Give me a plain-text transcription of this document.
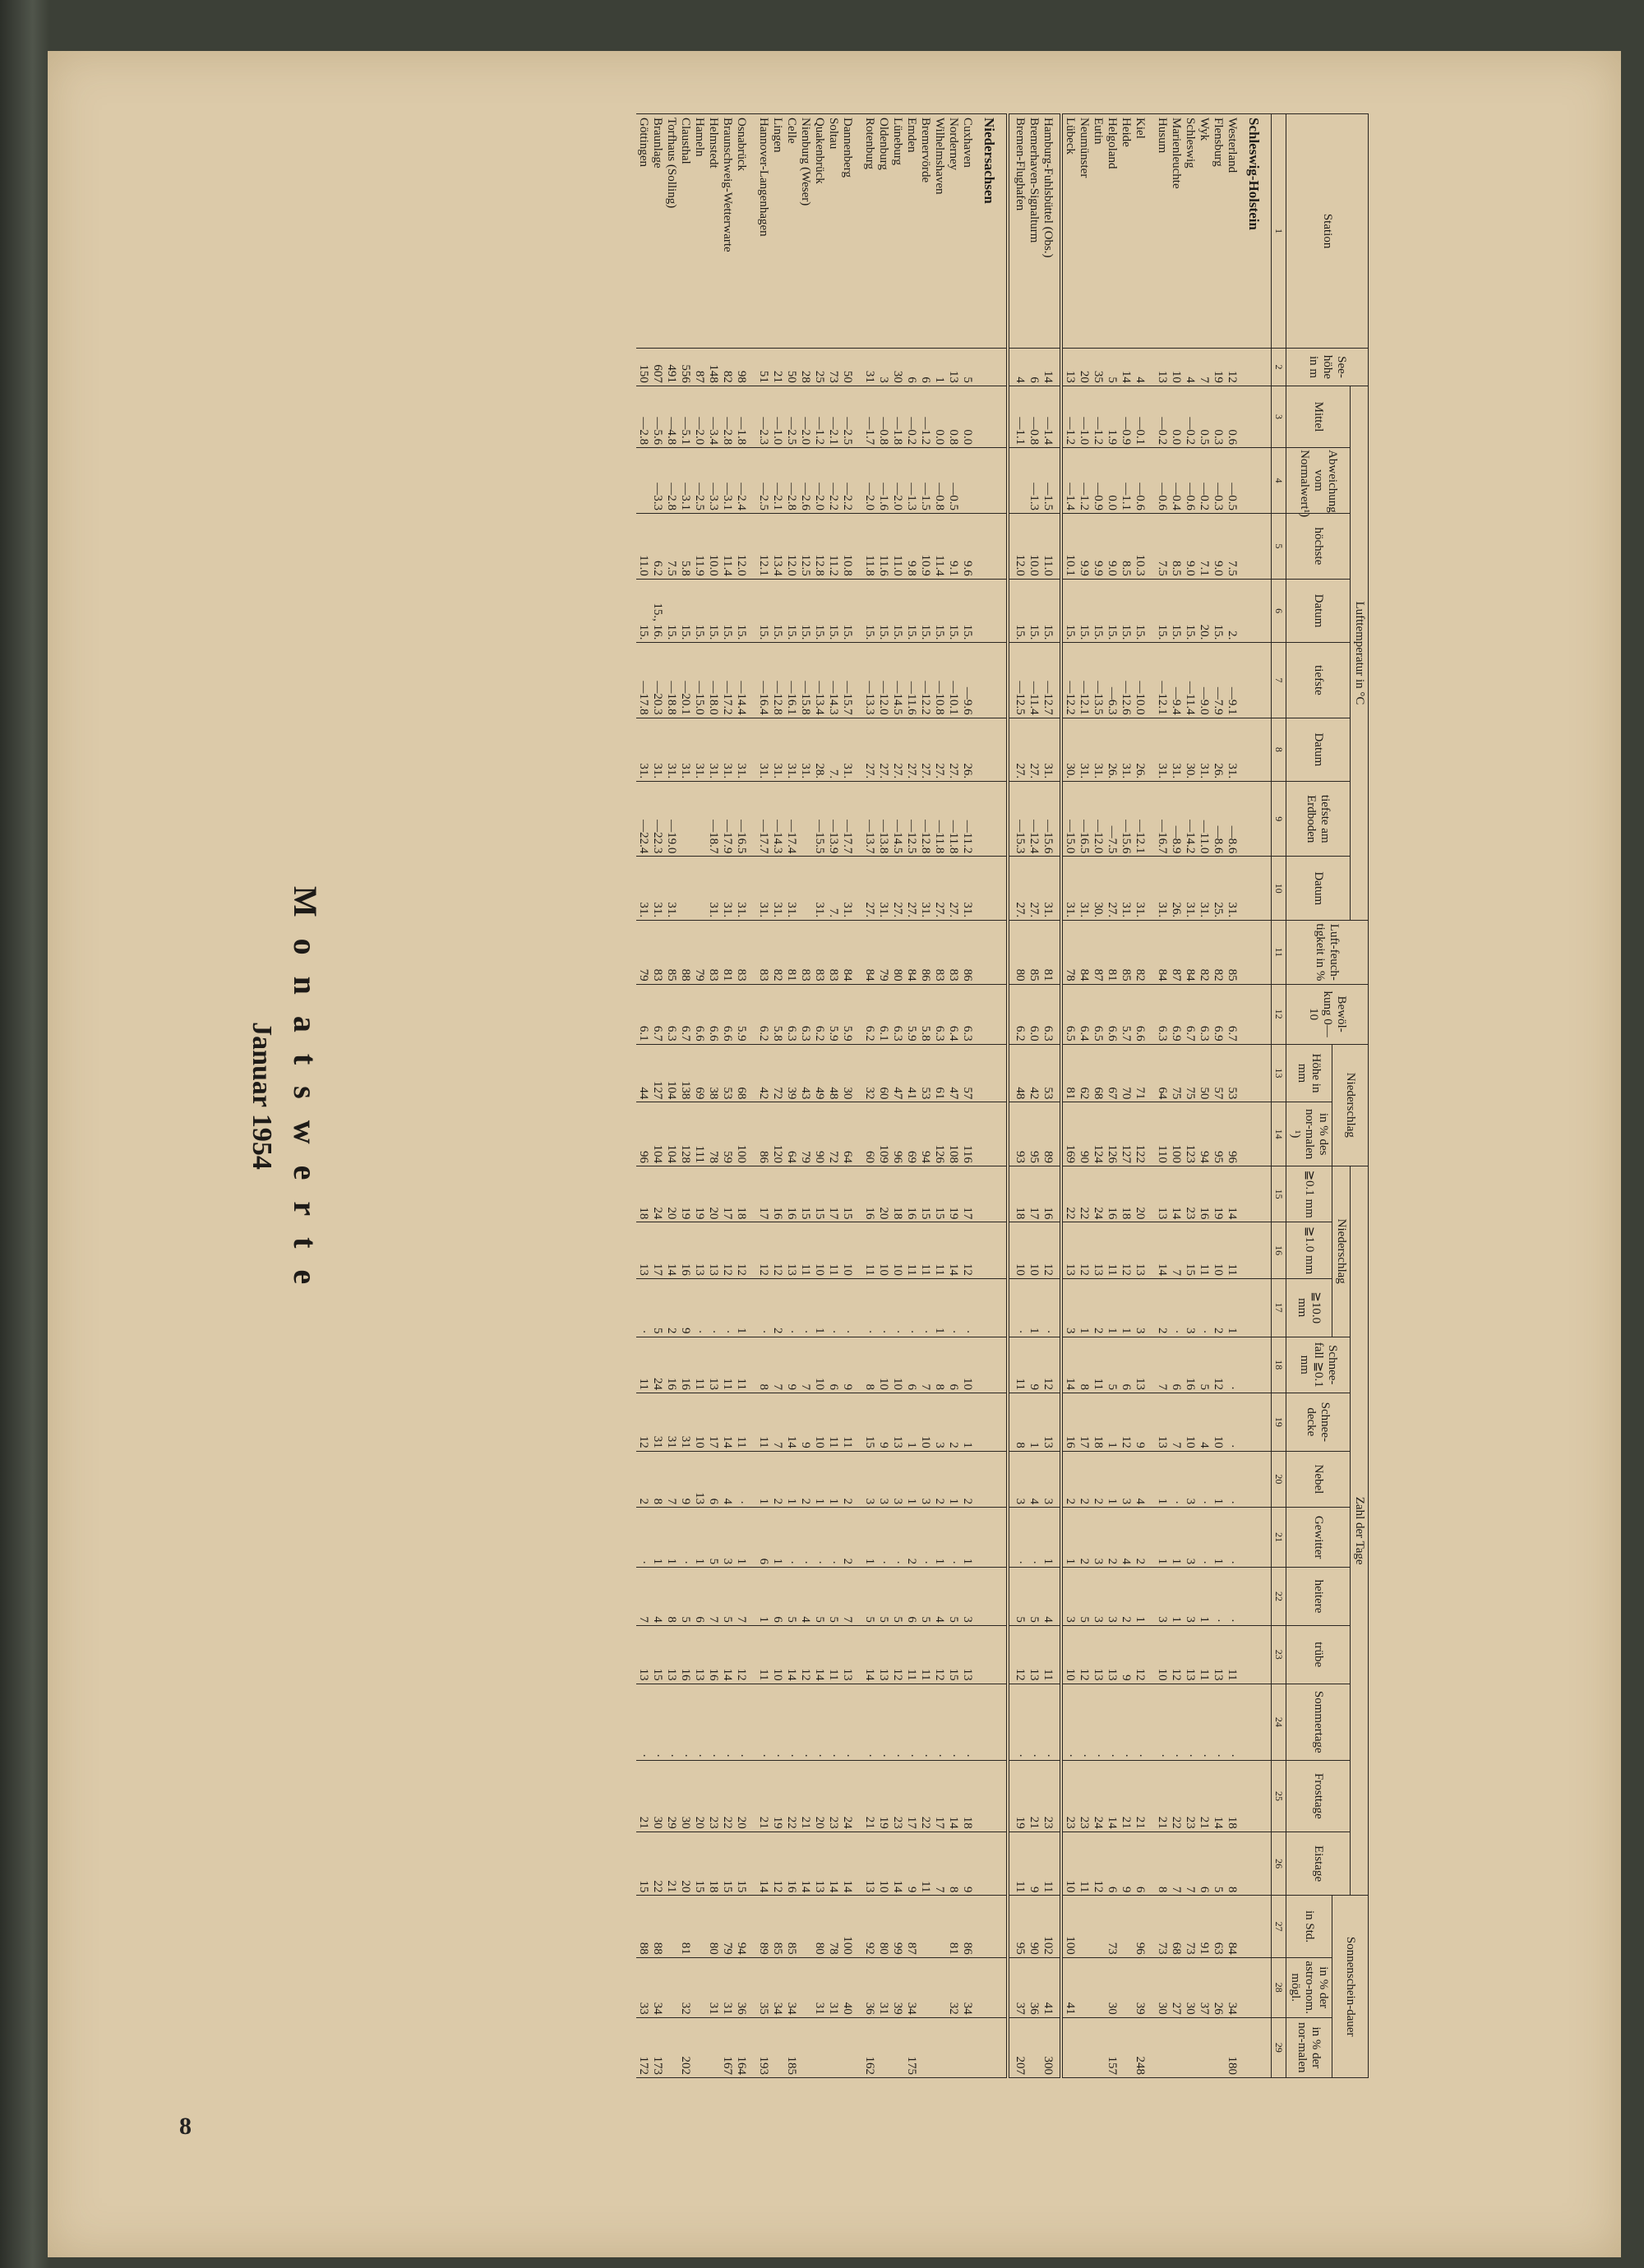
8
Station	See-höhe in m	Lufttemperatur in °C								Luft-feuch-tigkeit in %	Bewöl-kung 0—10	Niederschlag		Zahl der Tage												Sonnenschein-dauer		
		Mittel	Abweichung vom Normalwert¹)	höchste	Datum	tiefste	Datum	tiefste am Erdboden	Datum					Niederschlag			Schnee-fall ≧0.1 mm	Schnee-decke	Nebel	Gewitter	heitere	trübe	Sommertage	Frosttage	Eistage			
												Höhe in mm	in % des nor-malen ¹)	≧0.1 mm	≧1.0 mm	≧10.0 mm										in Std.	in % der astro-nom. mögl.	in % der nor-malen
1	2	3	4	5	6	7	8	9	10	11	12	13	14	15	16	17	18	19	20	21	22	23	24	25	26	27	28	29
Schleswig-Holstein																												
Westerland	12	0.6	—0.5	7.5	2.	—9.1	31.	—8.6	31.	85	6.7	53	96	14	11	1	·	·	·	·	·	11	·	18	8	84	34	180
Flensburg	19	0.3	—0.3	9.0	15.	—7.9	26.	—8.6	25.	82	6.9	57	95	19	10	2	12	10	1	1	·	13	·	14	5	63	26	
Wyk	7	0.5	—0.2	7.1	20.	—9.0	31.	—11.0	31.	82	6.3	50	94	16	11	·	5	4	·	·	1	11	·	21	6	91	37	
Schleswig	4	—0.2	—0.6	9.0	15.	—11.4	30.	—14.2	31.	84	6.7	75	123	23	15	3	16	10	3	3	3	13	·	23	7	73	30	
Marienleuchte	10	0.0	—0.4	8.5	15.	—9.4	31.	—8.9	26.	87	6.9	75	100	14	7	·	6	7	·	1	1	12	·	22	7	68	27	
Husum	13	—0.2	—0.6	7.5	15.	—12.1	31.	—16.7	31.	84	6.3	64	110	13	14	2	7	13	1	1	3	10	·	21	8	73	30	
Kiel	4	—0.1	—0.6	10.3	15.	—10.0	26.	—12.1	31.	82	6.6	71	122	20	13	3	13	9	4	2	1	12	·	21	6	96	39	248
Heide	14	—0.9	—1.1	8.5	15.	—12.6	31.	—15.6	31.	85	5.7	70	127	18	12	1	6	12	3	4	2	9	·	21	9			
Helgoland	5	1.9	0.0	9.0	15.	—6.3	26.	—7.5	27.	81	6.6	67	126	16	11	1	5	1	1	2	3	13	·	14	6	73	30	157
Eutin	35	—1.2	—0.9	9.9	15.	—13.5	31.	—12.0	30.	87	6.5	68	124	24	13	2	11	18	2	3	3	13	·	24	12			
Neumünster	20	—1.0	—1.2	9.9	15.	—12.1	31.	—16.5	31.	84	6.4	62	90	22	12	1	8	17	2	2	5	12	·	23	11			
Lübeck	13	—1.2	—1.4	10.1	15.	—12.2	30.	—15.0	31.	78	6.5	81	169	22	13	3	14	16	2	1	3	10	·	23	10	100	41	
Hamburg-Fuhlsbüttel (Obs.)	14	—1.4	—1.5	11.0	15.	—12.7	31.	—15.6	31.	81	6.3	53	89	16	12	·	12	13	3	1	4	11	·	23	11	102	41	300
Bremerhaven-Signalturm	6	—0.8	—1.3	10.0	15.	—11.4	27.	—12.4	27.	85	6.0	42	95	17	10	1	9	1	4	·	5	13	·	21	9	90	36	
Bremen-Flughafen	4	—1.1		12.0	15.	—12.5	27.	—15.3	27.	80	6.2	48	93	18	10	·	11	8	3	·	5	12	·	19	11	95	37	207
Niedersachsen																												
Cuxhaven	5	0.0		9.6	15.	—9.6	26.	—11.2	31.	86	6.3	57	116	17	12	·	10	1	2	1	3	13	·	18	9	86	34	
Norderney	13	0.8	—0.5	9.1	15.	—10.1	27.	—11.8	27.	83	6.4	47	108	19	14	·	6	2	1	·	5	15	·	14	8	81	32	
Wilhelmshaven	1	0.0	—0.8	11.4	15.	—10.8	27.	—11.8	27.	83	6.3	61	126	15	11	1	8	3	2	1	4	12	·	17	7			
Bremervörde	6	—1.2	—1.5	10.9	15.	—12.2	27.	—12.8	31.	86	5.8	53	94	15	11	·	7	10	3	·	5	11	·	22	11			
Emden	6	—0.2	—1.3	9.8	15.	—11.6	27.	—12.5	27.	84	5.9	41	69	16	11	·	6	1	1	2	6	11	·	17	9	87	34	175
Lüneburg	30	—1.8	—2.0	11.0	15.	—14.5	27.	—14.5	27.	80	6.3	47	96	18	10	·	10	13	3	·	5	12	·	23	14	99	39	
Oldenburg	3	—0.8	—1.6	11.6	15.	—12.0	27.	—13.8	31.	79	6.1	60	109	20	10	·	10	9	3	·	5	13	·	19	10	80	31	
Rotenburg	31	—1.7	—2.0	11.8	15.	—13.3	27.	—13.7	27.	84	6.2	32	60	16	11	·	8	15	3	1	5	14	·	21	13	92	36	162
Dannenberg	50	—2.5	—2.2	10.8	15.	—15.7	31.	—17.7	31.	84	5.9	30	64	15	10	·	9	11	2	2	7	13	·	24	14	100	40	
Soltau	73	—2.1	—2.2	11.2	15.	—14.3	7.	—13.9	7.	83	5.9	48	72	17	11	·	6	11	1	·	5	11	·	23	14	78	31	
Quakenbrück	25	—1.2	—2.0	12.8	15.	—13.4	28.	—15.5	31.	83	6.2	49	90	15	10	1	10	10	1	·	5	14	·	20	13	80	31	
Nienburg (Weser)	28	—2.0	—2.6	12.5	15.	—15.8	31.			83	6.3	43	79	15	11	·	7	9	2	·	4	12	·	21	14			
Celle	50	—2.5	—2.8	12.0	15.	—16.1	31.	—17.4	31.	81	6.3	39	64	16	13	·	9	14	1	·	5	14	·	22	16	85	34	185
Lingen	21	—1.0	—2.1	13.4	15.	—12.8	31.	—14.3	31.	82	5.8	72	120	16	12	2	7	7	2	1	6	10	·	19	12	85	34	
Hannover-Langenhagen	51	—2.3	—2.5	12.1	15.	—16.4	31.	—17.7	31.	83	6.2	42	86	17	12	·	8	11	1	6	1	11	·	21	14	89	35	193
Osnabrück	98	—1.8	—2.4	12.0	15.	—14.4	31.	—16.5	31.	83	5.9	68	100	18	12	1	11	11	·	1	7	12	·	20	15	94	36	164
Braunschweig-Wetterwarte	82	—2.8	—3.1	11.4	15.	—17.2	31.	—17.9	31.	81	6.6	53	59	17	12	·	11	14	4	3	5	14	·	22	15	79	31	167
Helmstedt	148	—3.4	—3.3	10.0	15.	—18.0	31.	—18.7	31.	83	6.6	38	78	20	13	·	13	17	6	5	7	16	·	23	18	80	31	
Hameln	87	—2.0	—2.5	11.9	15.	—15.0	31.			79	6.6	69	111	19	13	·	11	10	13	1	6	13	·	20	15			
Clausthal	556	—5.1	—3.1	5.8	15.	—20.1	31.			88	6.7	138	128	19	16	9	16	31	9	·	5	16	·	30	20	81	32	202
Torfhaus (Solling)	491	—4.8	—2.8	7.5	15.	—18.8	31.	—19.0	31.	85	6.3	104	104	20	14	2	16	31	7	1	8	13	·	29	21			
Braunlage	607	—5.6	—3.3	6.2	15., 16.	—20.3	31.	—22.3	31.	83	6.7	127	104	24	17	5	24	31	8	1	4	15	·	30	22	88	34	173
Göttingen	150	—2.8		11.0	15.	—17.8	31.	—22.4	31.	79	6.1	44	96	18	13	·	11	12	2	·	7	13	·	21	15	88	33	172
Monatswerte
Januar 1954
